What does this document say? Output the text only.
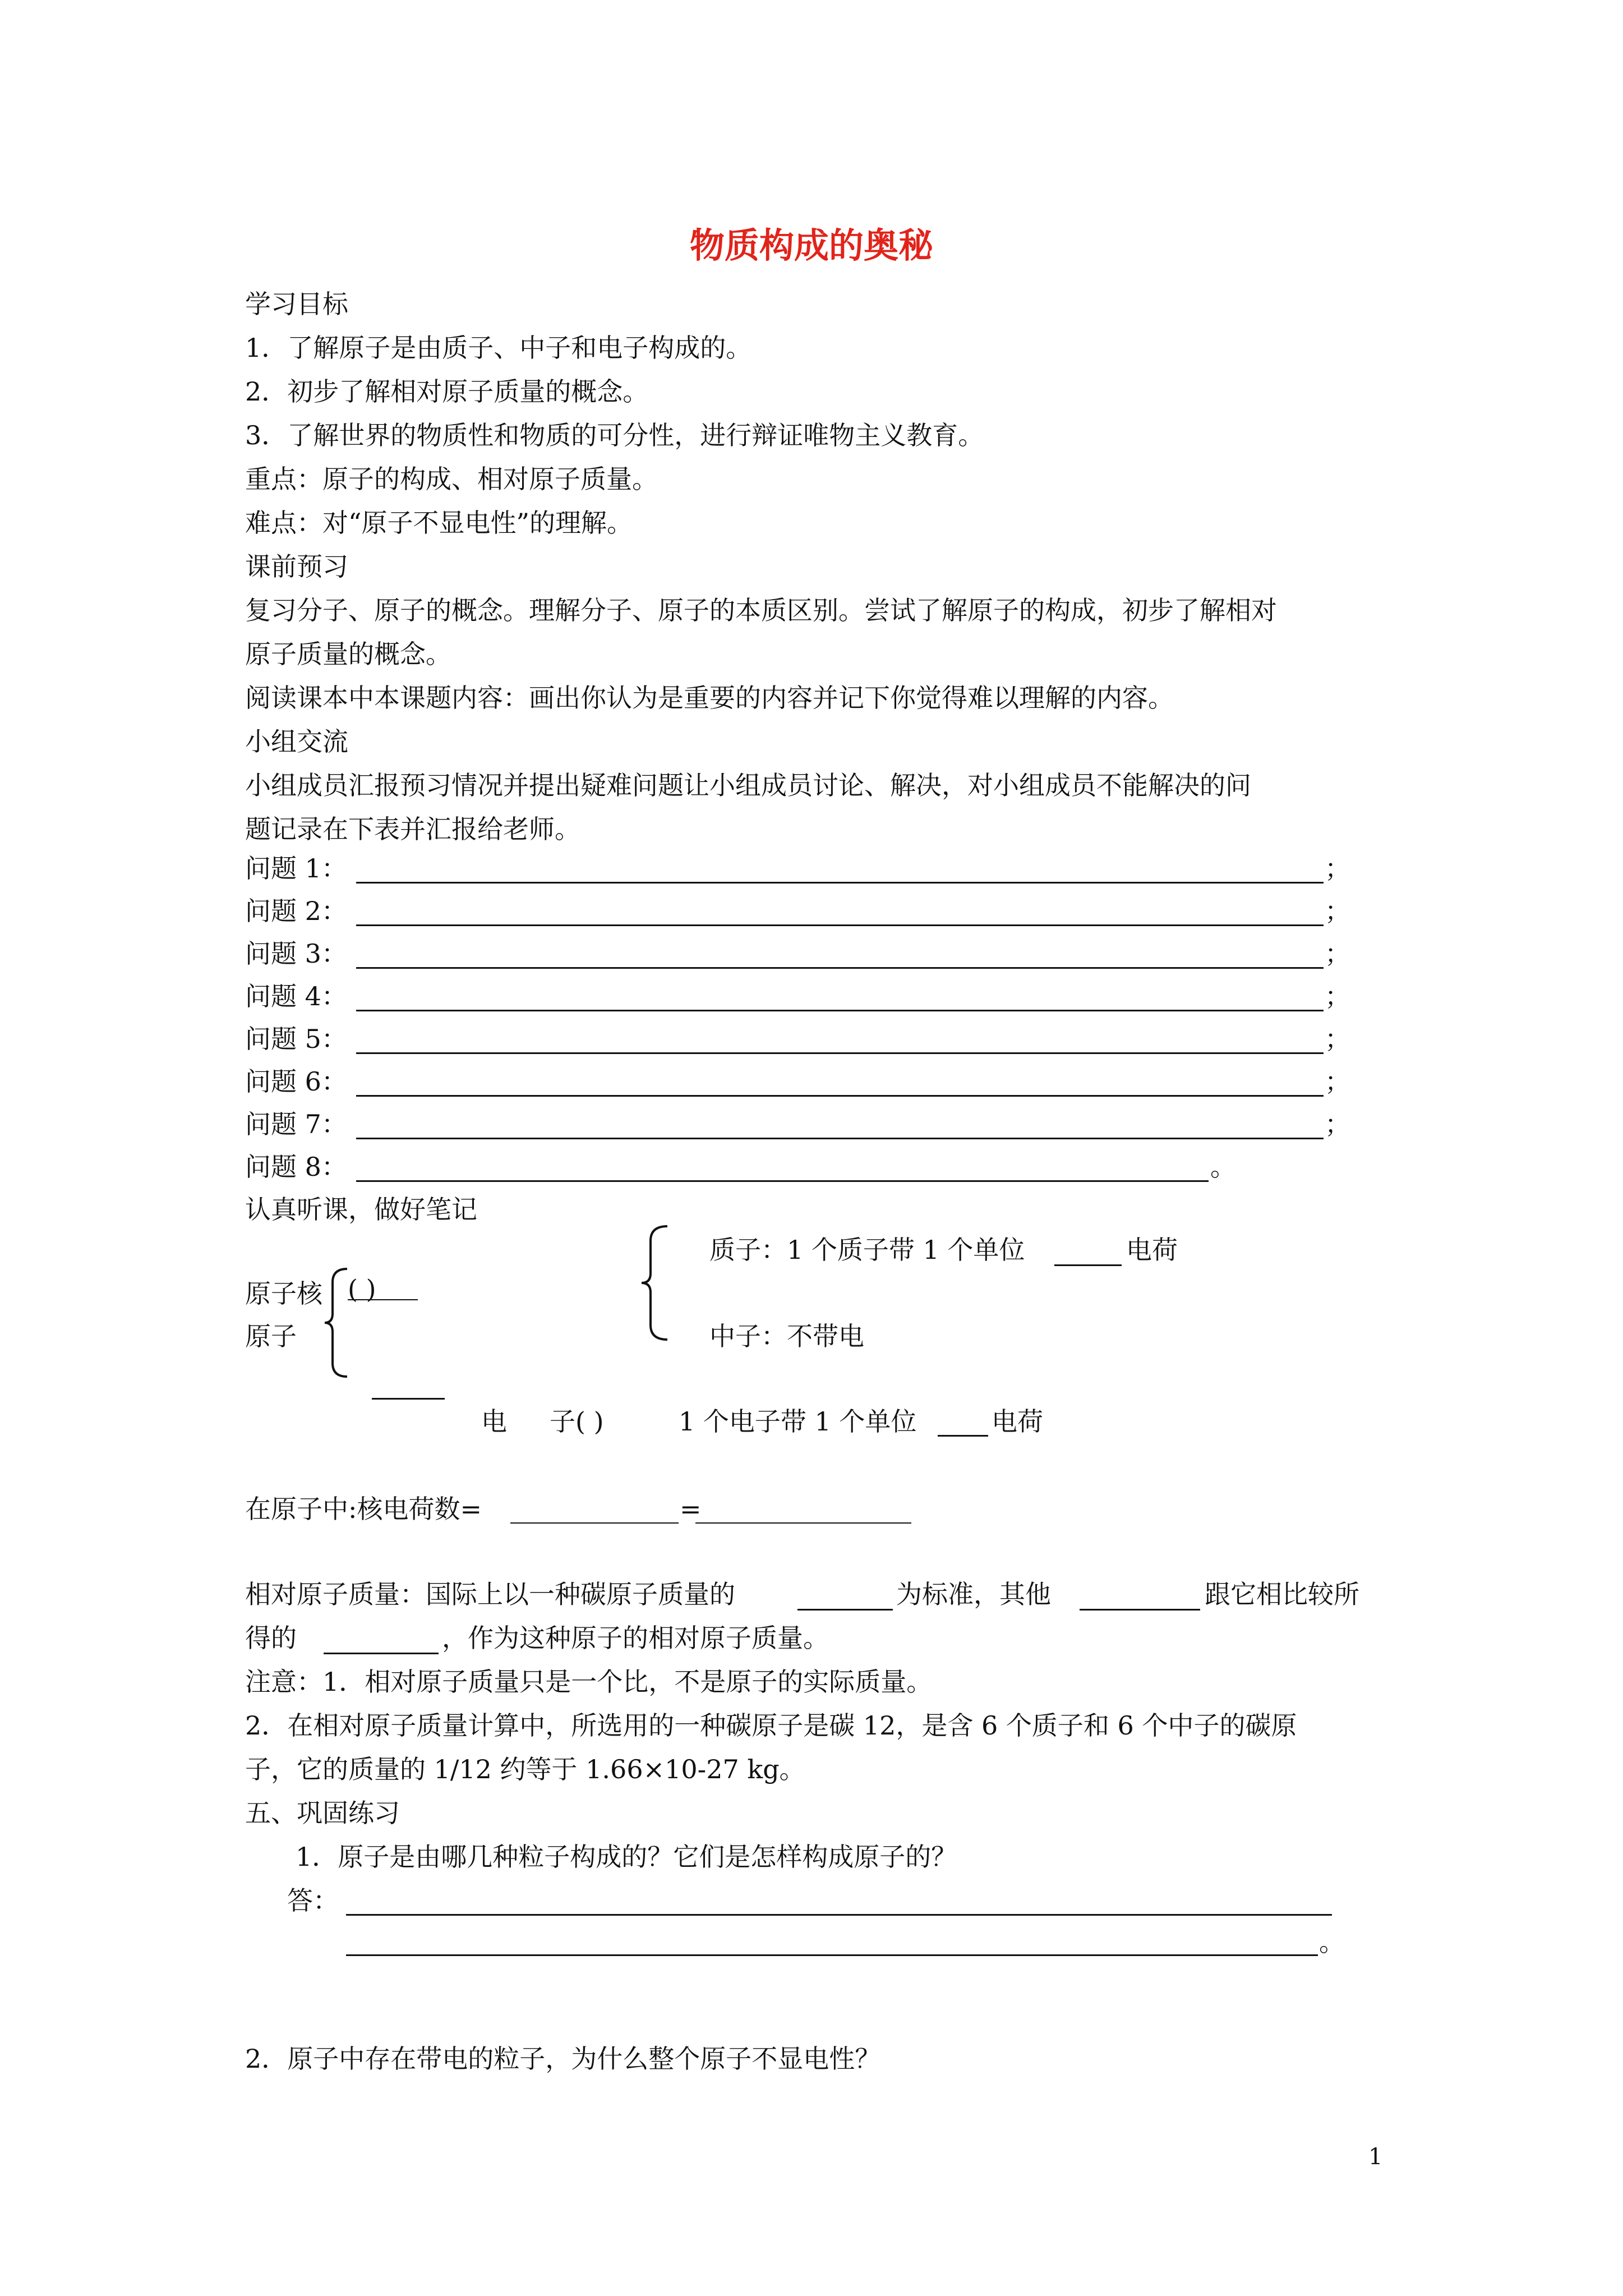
物质构成的奥秘
学习目标
1．了解原子是由质子、中子和电子构成的。
2．初步了解相对原子质量的概念。
3．了解世界的物质性和物质的可分性，进行辩证唯物主义教育。
重点：原子的构成、相对原子质量。
难点：对“原子不显电性”的理解。
课前预习
复习分子、原子的概念。理解分子、原子的本质区别。尝试了解原子的构成，初步了解相对
原子质量的概念。
阅读课本中本课题内容：画出你认为是重要的内容并记下你觉得难以理解的内容。
小组交流
小组成员汇报预习情况并提出疑难问题让小组成员讨论、解决，对小组成员不能解决的问
题记录在下表并汇报给老师。
问题 1：	；
问题 2：	；
问题 3：	；
问题 4：	；
问题 5：	；
问题 6：	；
问题 7：	；
问题 8：	。
认真听课，做好笔记
质子：1 个质子带 1 个单位	电荷
原子核 ( )
原子	中子：不带电
电 子( )	1 个电子带 1 个单位	电荷
在原子中:核电荷数=	=
相对原子质量：国际上以一种碳原子质量的	为标准，其他	跟它相比较所
得的	，作为这种原子的相对原子质量。
注意：1．相对原子质量只是一个比，不是原子的实际质量。
2．在相对原子质量计算中，所选用的一种碳原子是碳 12，是含 6 个质子和 6 个中子的碳原
子，它的质量的 1/12 约等于 1.66×10-27 kg。
五、巩固练习
1．原子是由哪几种粒子构成的？它们是怎样构成原子的？
答：
。
2．原子中存在带电的粒子，为什么整个原子不显电性？
1
